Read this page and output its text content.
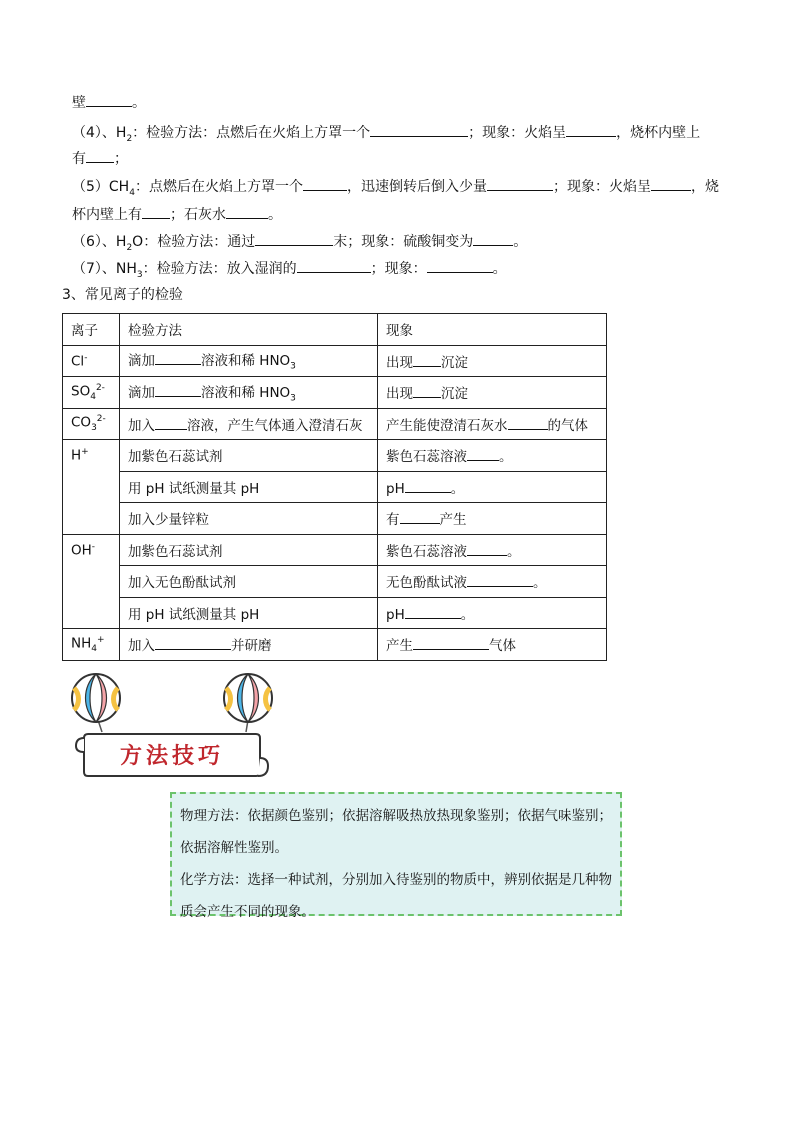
壁	。
（4）、$H_2$：检验方法：点燃后在火焰上方罩一个	；现象：火焰呈	，烧杯内壁上
有 ；
$(5)CH_4$：点燃后在火焰上方罩一个	，迅速倒转后倒入少量	；现象：火焰呈	，烧
杯内壁上有 ；石灰水	。
（6）、$H_2O$：检验方法：通过	末；现象：硫酸铜变为	。
（7）、$NH_3$：检验方法：放入湿润的	；现象：	。
3、常见离子的检验
离子	检验方法	现象
Cl-	滴加 溶液和稀 $HNO_3$	出现 沉淀
$SO_4^{2-}$	滴加 溶液和稀 $HNO_3$	出现 沉淀
$CO_3^{2-}$	加入 溶液，产生气体通入澄清石灰	产生能使澄清石灰水 的气体
H+	加紫色石蕊试剂	紫色石蕊溶液 。
	用 pH 试纸测量其 pH	pH 。
	加入少量锌粒	有 产生
OH-	加紫色石蕊试剂	紫色石蕊溶液 。
	加入无色酚酞试剂	无色酚酞试液 。
	用 pH 试纸测量其 pH	pH 。
$NH_4^+$	加入 并研磨	产生 气体
方法技巧

物理方法：依据颜色鉴别；依据溶解吸热放热现象鉴别；依据气味鉴别；依据溶解性鉴别。

化学方法：选择一种试剂，分别加入待鉴别的物质中，辨别依据是几种物质会产生不同的现象。
